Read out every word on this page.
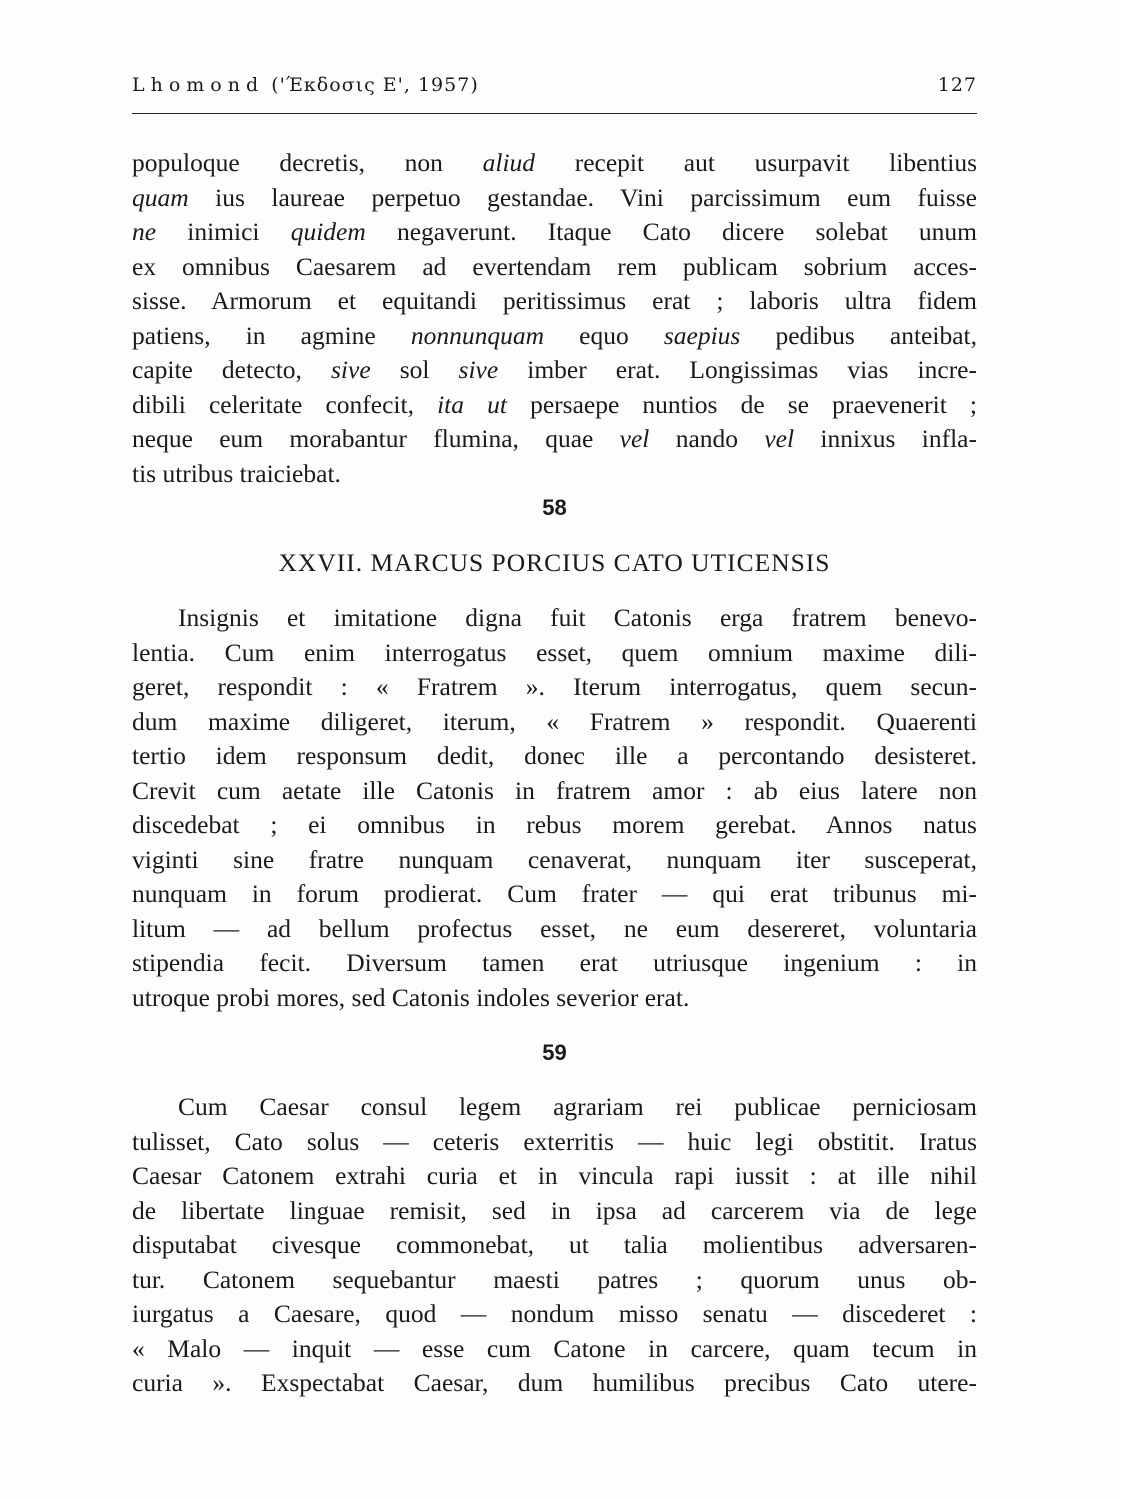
Lhomond ('Έκδοσις Ε', 1957)	127
populoque decretis, non aliud recepit aut usurpavit libentius
quam ius laureae perpetuo gestandae. Vini parcissimum eum fuisse
ne inimici quidem negaverunt. Itaque Cato dicere solebat unum
ex omnibus Caesarem ad evertendam rem publicam sobrium acces-
sisse. Armorum et equitandi peritissimus erat ; laboris ultra fidem
patiens, in agmine nonnunquam equo saepius pedibus anteibat,
capite detecto, sive sol sive imber erat. Longissimas vias incre-
dibili celeritate confecit, ita ut persaepe nuntios de se praevenerit ;
neque eum morabantur flumina, quae vel nando vel innixus infla-
tis utribus traiciebat.
58
XXVII. MARCUS PORCIUS CATO UTICENSIS
Insignis et imitatione digna fuit Catonis erga fratrem benevo-
lentia. Cum enim interrogatus esset, quem omnium maxime dili-
geret, respondit : « Fratrem ». Iterum interrogatus, quem secun-
dum maxime diligeret, iterum, « Fratrem » respondit. Quaerenti
tertio idem responsum dedit, donec ille a percontando desisteret.
Crevit cum aetate ille Catonis in fratrem amor : ab eius latere non
discedebat ; ei omnibus in rebus morem gerebat. Annos natus
viginti sine fratre nunquam cenaverat, nunquam iter susceperat,
nunquam in forum prodierat. Cum frater — qui erat tribunus mi-
litum — ad bellum profectus esset, ne eum desereret, voluntaria
stipendia fecit. Diversum tamen erat utriusque ingenium : in
utroque probi mores, sed Catonis indoles severior erat.
59
Cum Caesar consul legem agrariam rei publicae perniciosam
tulisset, Cato solus — ceteris exterritis — huic legi obstitit. Iratus
Caesar Catonem extrahi curia et in vincula rapi iussit : at ille nihil
de libertate linguae remisit, sed in ipsa ad carcerem via de lege
disputabat civesque commonebat, ut talia molientibus adversaren-
tur. Catonem sequebantur maesti patres ; quorum unus ob-
iurgatus a Caesare, quod — nondum misso senatu — discederet :
« Malo — inquit — esse cum Catone in carcere, quam tecum in
curia ». Exspectabat Caesar, dum humilibus precibus Cato utere-
